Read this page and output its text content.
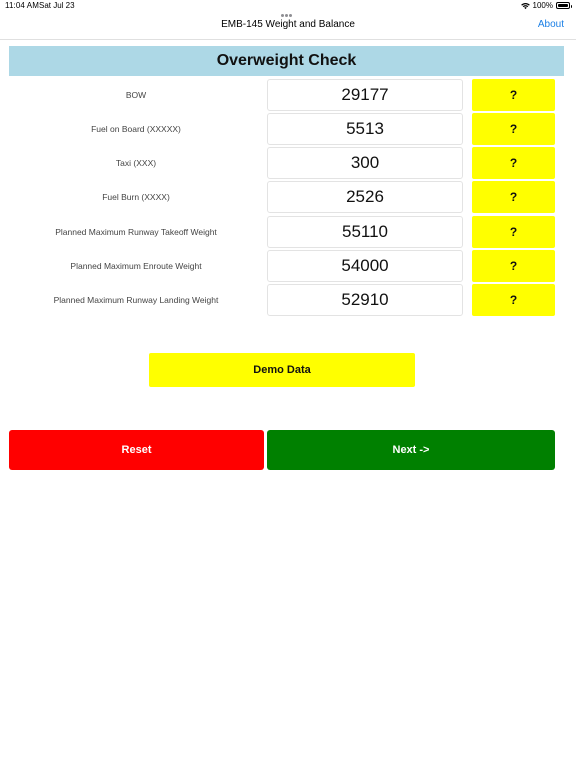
11:04 AM Sat Jul 23	100%
EMB-145 Weight and Balance	About
Overweight Check
BOW	29177	?
Fuel on Board (XXXXX)	5513	?
Taxi (XXX)	300	?
Fuel Burn (XXXX)	2526	?
Planned Maximum Runway Takeoff Weight	55110	?
Planned Maximum Enroute Weight	54000	?
Planned Maximum Runway Landing Weight	52910	?
Demo Data
Reset	Next ->
